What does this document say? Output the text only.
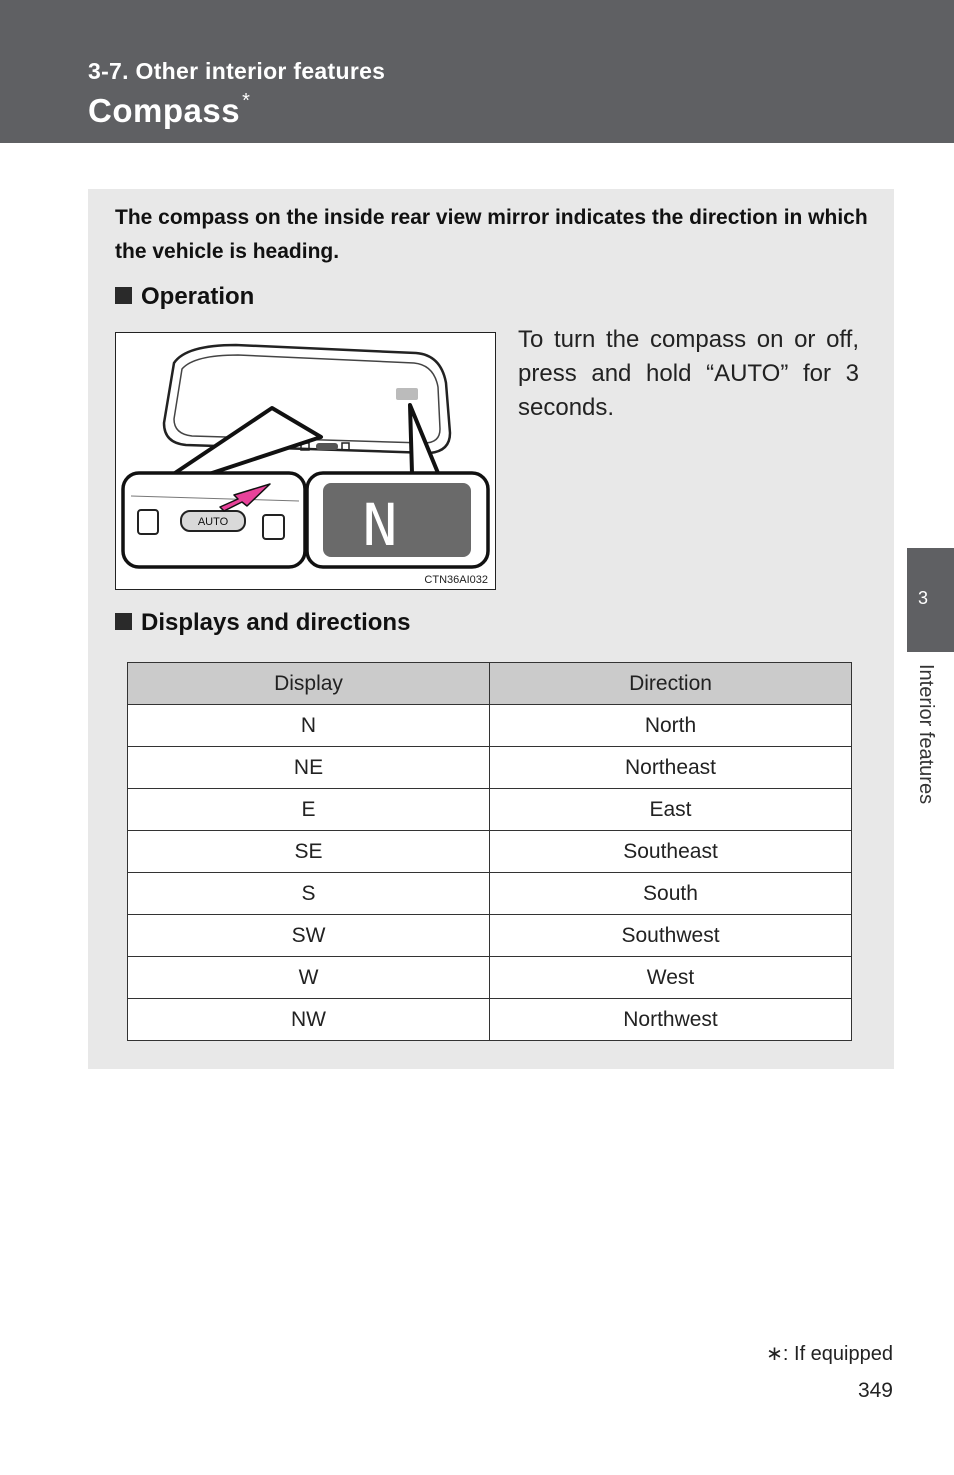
3-7. Other interior features
Compass *
3
Interior features
The compass on the inside rear view mirror indicates the direction in which the vehicle is heading.
Operation
AUTO N
CTN36AI032
To turn the compass on or off, press and hold “AUTO” for 3 seconds.
Displays and directions
Display	Direction
N	North
NE	Northeast
E	East
SE	Southeast
S	South
SW	Southwest
W	West
NW	Northwest
∗: If equipped
349
